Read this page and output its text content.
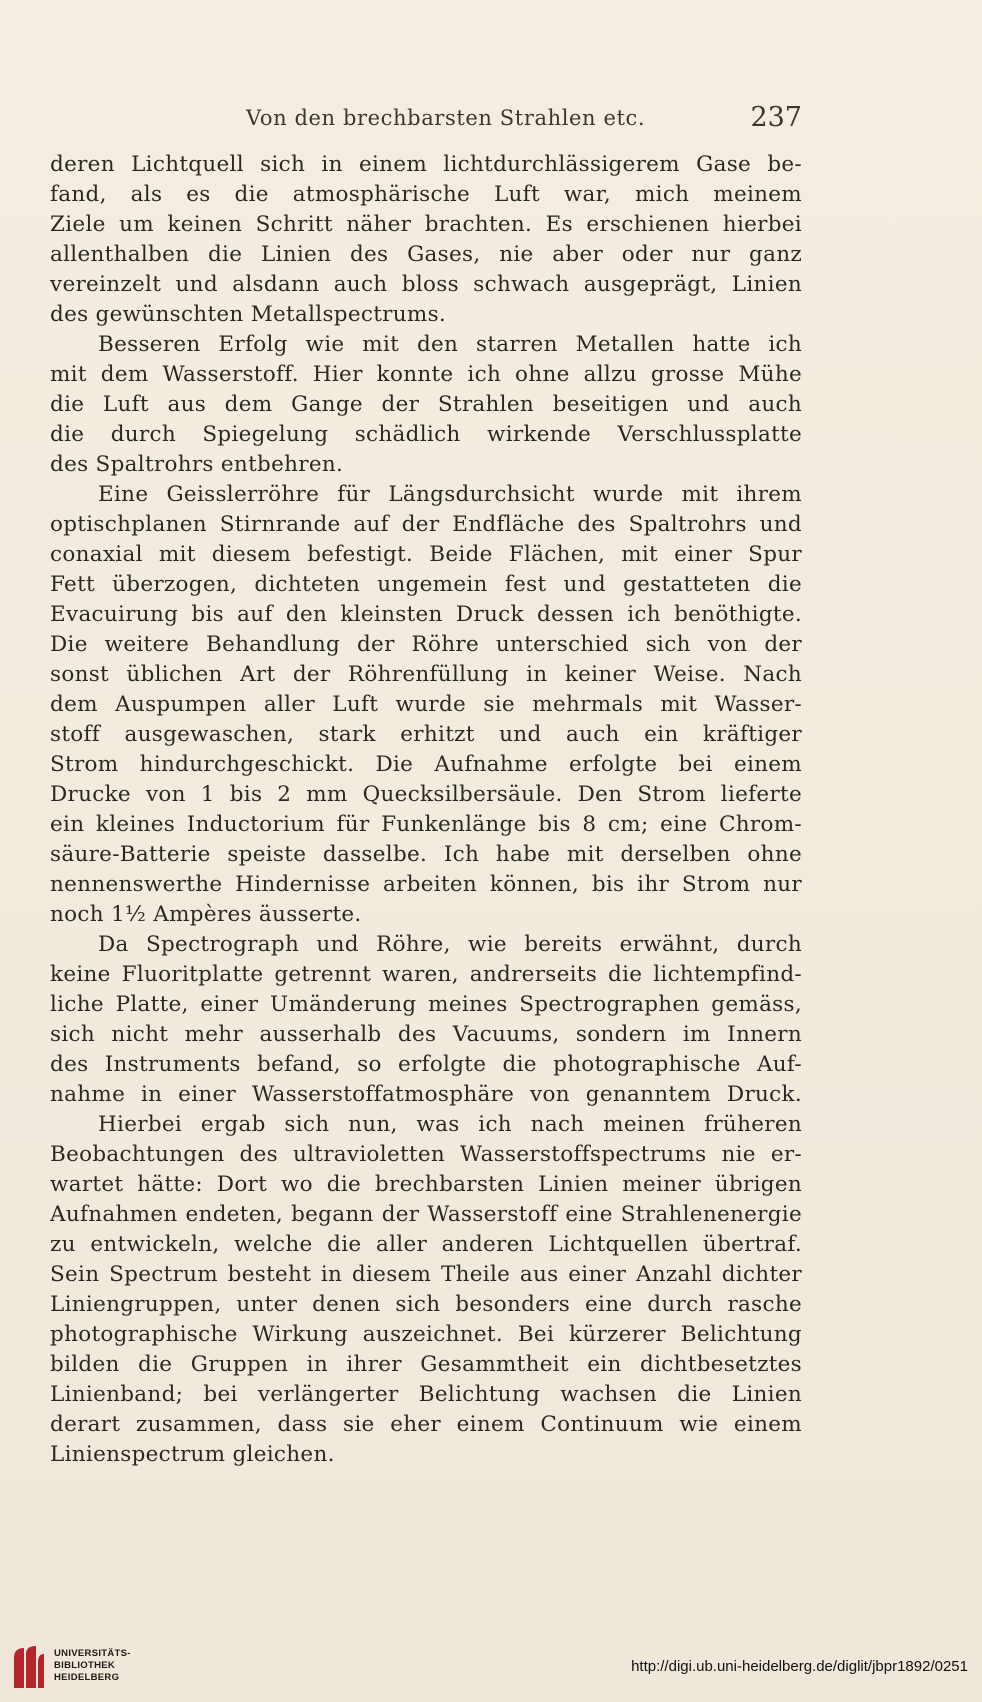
Von den brechbarsten Strahlen etc.	237
deren Lichtquell sich in einem lichtdurchlässigerem Gase be-
fand, als es die atmosphärische Luft war, mich meinem
Ziele um keinen Schritt näher brachten. Es erschienen hierbei
allenthalben die Linien des Gases, nie aber oder nur ganz
vereinzelt und alsdann auch bloss schwach ausgeprägt, Linien
des gewünschten Metallspectrums.
Besseren Erfolg wie mit den starren Metallen hatte ich
mit dem Wasserstoff. Hier konnte ich ohne allzu grosse Mühe
die Luft aus dem Gange der Strahlen beseitigen und auch
die durch Spiegelung schädlich wirkende Verschlussplatte
des Spaltrohrs entbehren.
Eine Geisslerröhre für Längsdurchsicht wurde mit ihrem
optischplanen Stirnrande auf der Endfläche des Spaltrohrs und
conaxial mit diesem befestigt. Beide Flächen, mit einer Spur
Fett überzogen, dichteten ungemein fest und gestatteten die
Evacuirung bis auf den kleinsten Druck dessen ich benöthigte.
Die weitere Behandlung der Röhre unterschied sich von der
sonst üblichen Art der Röhrenfüllung in keiner Weise. Nach
dem Auspumpen aller Luft wurde sie mehrmals mit Wasser-
stoff ausgewaschen, stark erhitzt und auch ein kräftiger
Strom hindurchgeschickt. Die Aufnahme erfolgte bei einem
Drucke von 1 bis 2 mm Quecksilbersäule. Den Strom lieferte
ein kleines Inductorium für Funkenlänge bis 8 cm; eine Chrom-
säure-Batterie speiste dasselbe. Ich habe mit derselben ohne
nennenswerthe Hindernisse arbeiten können, bis ihr Strom nur
noch 1½ Ampères äusserte.
Da Spectrograph und Röhre, wie bereits erwähnt, durch
keine Fluoritplatte getrennt waren, andrerseits die lichtempfind-
liche Platte, einer Umänderung meines Spectrographen gemäss,
sich nicht mehr ausserhalb des Vacuums, sondern im Innern
des Instruments befand, so erfolgte die photographische Auf-
nahme in einer Wasserstoffatmosphäre von genanntem Druck.
Hierbei ergab sich nun, was ich nach meinen früheren
Beobachtungen des ultravioletten Wasserstoffspectrums nie er-
wartet hätte: Dort wo die brechbarsten Linien meiner übrigen
Aufnahmen endeten, begann der Wasserstoff eine Strahlenenergie
zu entwickeln, welche die aller anderen Lichtquellen übertraf.
Sein Spectrum besteht in diesem Theile aus einer Anzahl dichter
Liniengruppen, unter denen sich besonders eine durch rasche
photographische Wirkung auszeichnet. Bei kürzerer Belichtung
bilden die Gruppen in ihrer Gesammtheit ein dichtbesetztes
Linienband; bei verlängerter Belichtung wachsen die Linien
derart zusammen, dass sie eher einem Continuum wie einem
Linienspectrum gleichen.
UNIVERSITÄTS-
BIBLIOTHEK
HEIDELBERG
http://digi.ub.uni-heidelberg.de/diglit/jbpr1892/0251
